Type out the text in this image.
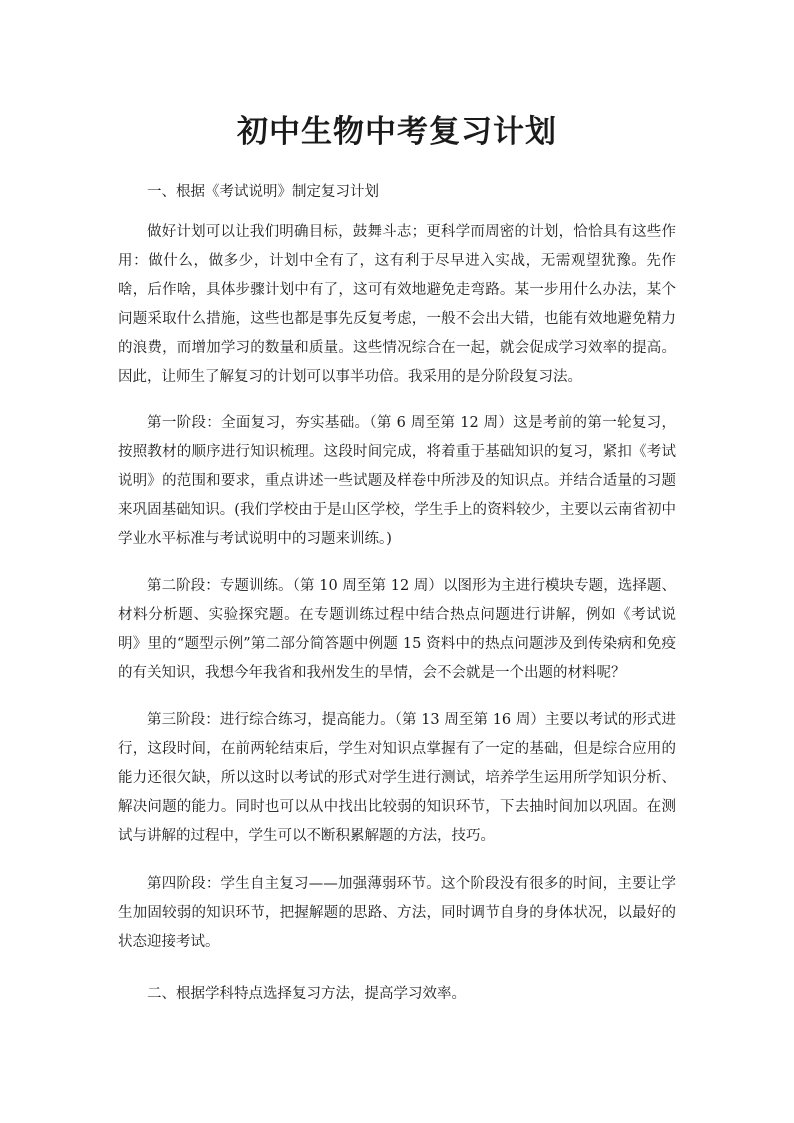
初中生物中考复习计划

一、根据《考试说明》制定复习计划

做好计划可以让我们明确目标，鼓舞斗志；更科学而周密的计划，恰恰具有这些作用：做什么，做多少，计划中全有了，这有利于尽早进入实战，无需观望犹豫。先作啥，后作啥，具体步骤计划中有了，这可有效地避免走弯路。某一步用什么办法，某个问题采取什么措施，这些也都是事先反复考虑，一般不会出大错，也能有效地避免精力的浪费，而增加学习的数量和质量。这些情况综合在一起，就会促成学习效率的提高。因此，让师生了解复习的计划可以事半功倍。我采用的是分阶段复习法。

第一阶段：全面复习，夯实基础。（第 6 周至第 12 周）这是考前的第一轮复习，按照教材的顺序进行知识梳理。这段时间完成，将着重于基础知识的复习，紧扣《考试说明》的范围和要求，重点讲述一些试题及样卷中所涉及的知识点。并结合适量的习题来巩固基础知识。(我们学校由于是山区学校，学生手上的资料较少，主要以云南省初中学业水平标准与考试说明中的习题来训练。)

第二阶段：专题训练。（第 10 周至第 12 周）以图形为主进行模块专题，选择题、材料分析题、实验探究题。在专题训练过程中结合热点问题进行讲解，例如《考试说明》里的“题型示例”第二部分简答题中例题 15 资料中的热点问题涉及到传染病和免疫的有关知识，我想今年我省和我州发生的旱情，会不会就是一个出题的材料呢？

第三阶段：进行综合练习，提高能力。（第 13 周至第 16 周）主要以考试的形式进行，这段时间，在前两轮结束后，学生对知识点掌握有了一定的基础，但是综合应用的能力还很欠缺，所以这时以考试的形式对学生进行测试，培养学生运用所学知识分析、解决问题的能力。同时也可以从中找出比较弱的知识环节，下去抽时间加以巩固。在测试与讲解的过程中，学生可以不断积累解题的方法，技巧。

第四阶段：学生自主复习——加强薄弱环节。这个阶段没有很多的时间，主要让学生加固较弱的知识环节，把握解题的思路、方法，同时调节自身的身体状况，以最好的状态迎接考试。

二、根据学科特点选择复习方法，提高学习效率。
